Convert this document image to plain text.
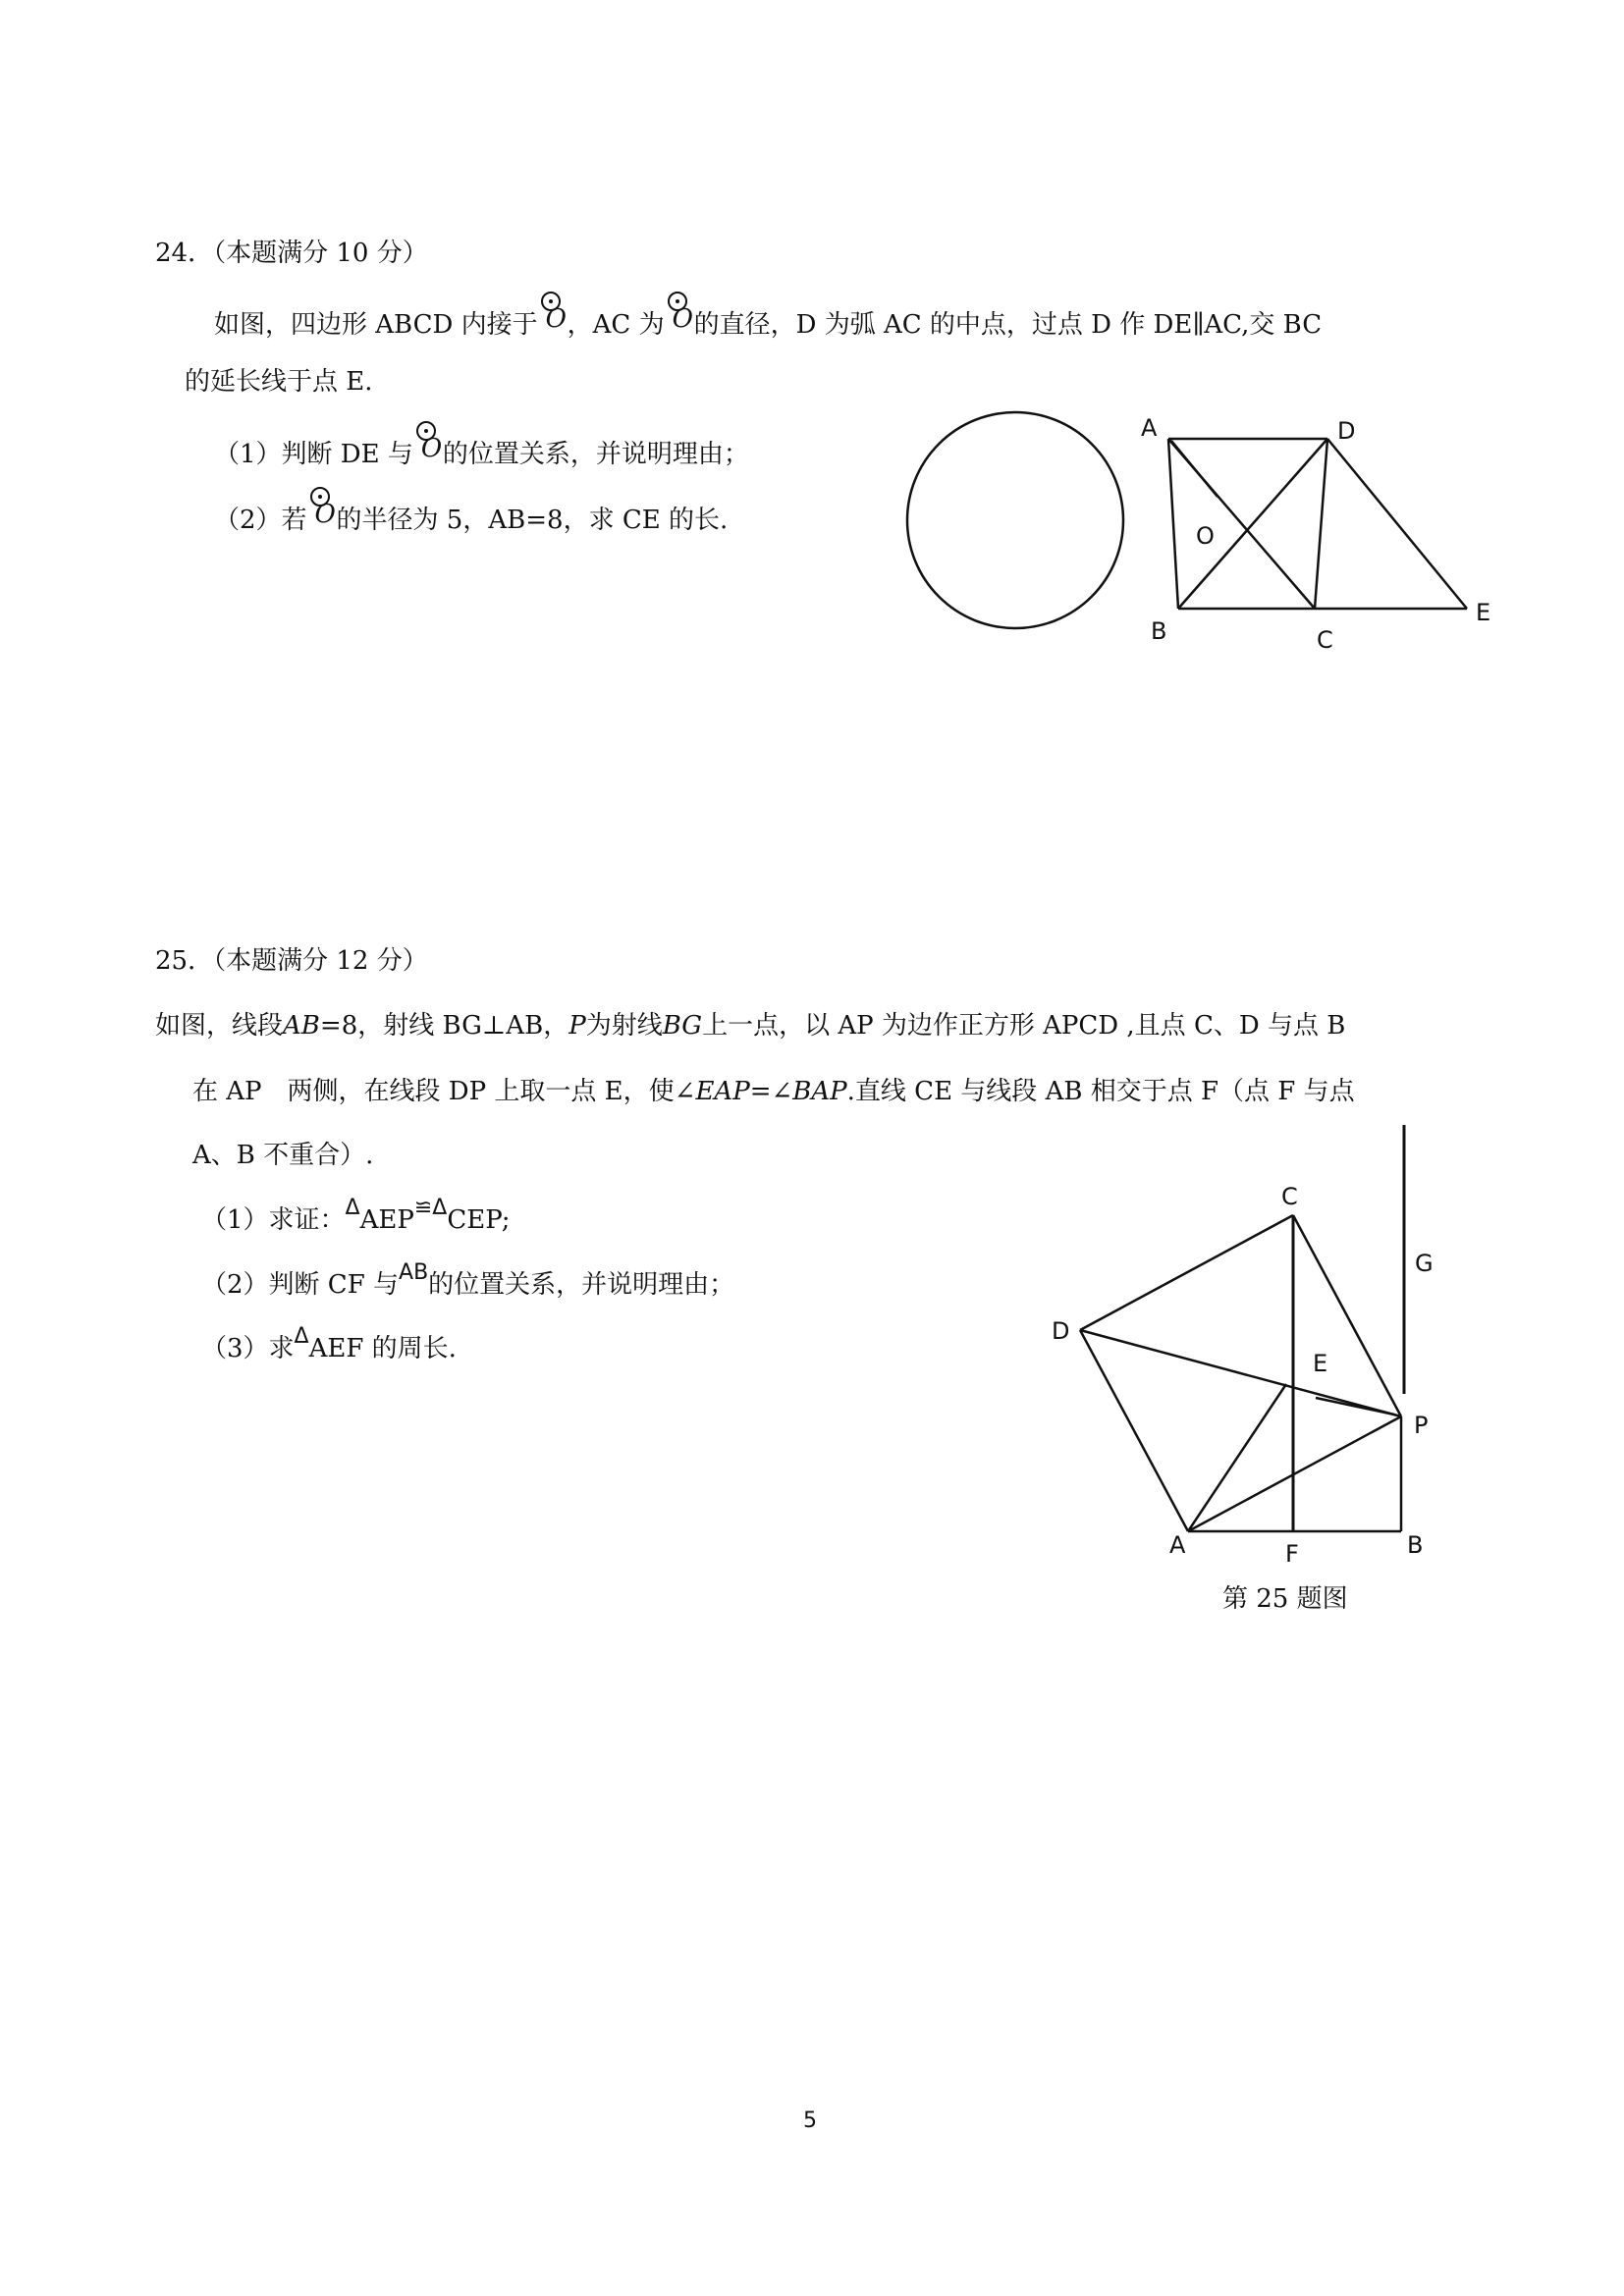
24．（本题满分 10 分）
如图，四边形 ABCD 内接于 O ，AC 为 O 的直径，D 为弧 AC 的中点，过点 D 作 DE∥AC,交 BC
的延长线于点 E.
（1）判断 DE 与 O 的位置关系，并说明理由；
（2）若 O 的半径为 5，AB=8，求 CE 的长.
A	D
O
B	C
E
25．（本题满分 12 分）
如图，线段AB=8，射线 BG⊥AB，P为射线BG上一点，以 AP 为边作正方形 APCD ,且点 C、D 与点 B
在 AP　两侧，在线段 DP 上取一点 E，使∠EAP=∠BAP.直线 CE 与线段 AB 相交于点 F（点 F 与点
A、B 不重合）.
（1）求证：$^\Delta AEP^{≌\Delta}CEP$;
（2）判断 CF 与$^{AB}$的位置关系，并说明理由；
（3）求$^\Delta$AEF 的周长.
C
G
D
E
P
A	F	B
第 25 题图
5
